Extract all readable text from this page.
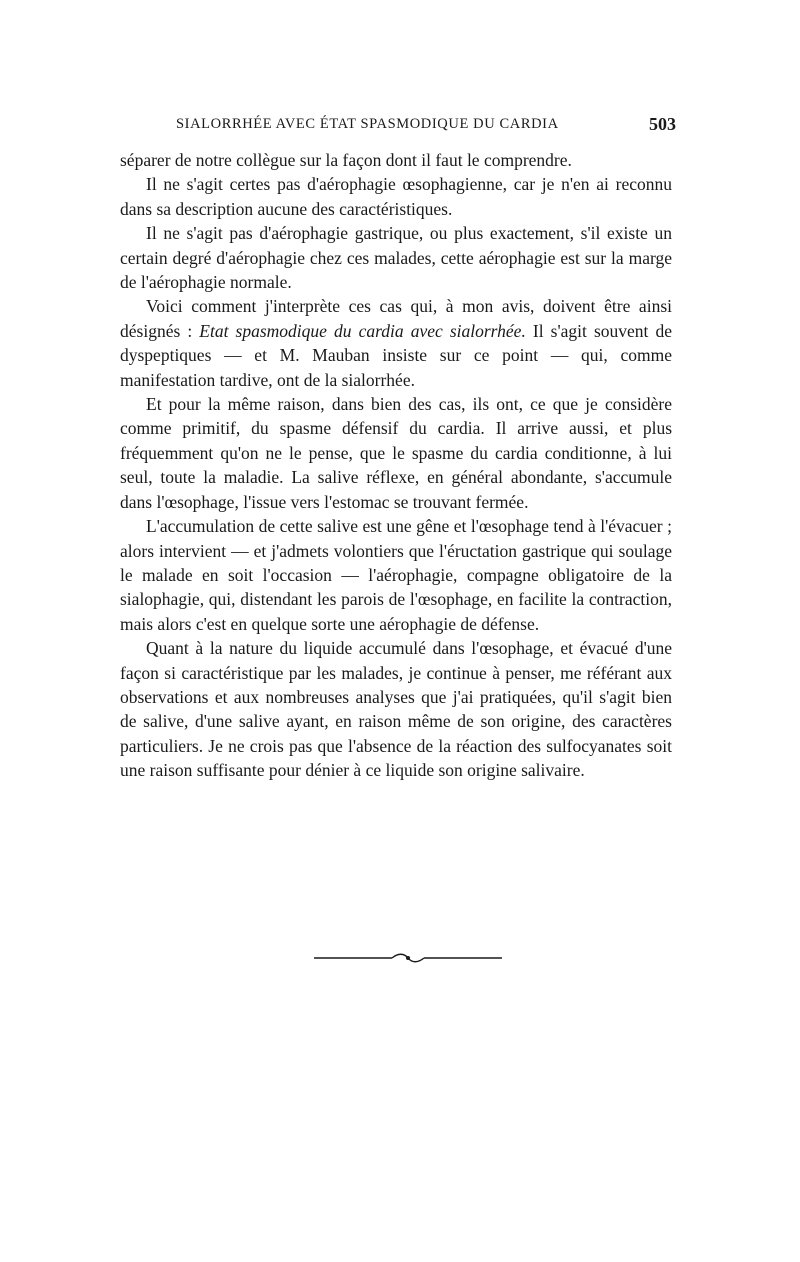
SIALORRHÉE AVEC ÉTAT SPASMODIQUE DU CARDIA	503

séparer de notre collègue sur la façon dont il faut le comprendre.

Il ne s'agit certes pas d'aérophagie œsophagienne, car je n'en ai reconnu dans sa description aucune des caractéristiques.

Il ne s'agit pas d'aérophagie gastrique, ou plus exactement, s'il existe un certain degré d'aérophagie chez ces malades, cette aérophagie est sur la marge de l'aérophagie normale.

Voici comment j'interprète ces cas qui, à mon avis, doivent être ainsi désignés : Etat spasmodique du cardia avec sialorrhée. Il s'agit souvent de dyspeptiques — et M. Mauban insiste sur ce point — qui, comme manifestation tardive, ont de la sialorrhée.

Et pour la même raison, dans bien des cas, ils ont, ce que je considère comme primitif, du spasme défensif du cardia. Il arrive aussi, et plus fréquemment qu'on ne le pense, que le spasme du cardia conditionne, à lui seul, toute la maladie. La salive réflexe, en général abondante, s'accumule dans l'œsophage, l'issue vers l'estomac se trouvant fermée.

L'accumulation de cette salive est une gêne et l'œsophage tend à l'évacuer ; alors intervient — et j'admets volontiers que l'éructation gastrique qui soulage le malade en soit l'occasion — l'aérophagie, compagne obligatoire de la sialophagie, qui, distendant les parois de l'œsophage, en facilite la contraction, mais alors c'est en quelque sorte une aérophagie de défense.

Quant à la nature du liquide accumulé dans l'œsophage, et évacué d'une façon si caractéristique par les malades, je continue à penser, me référant aux observations et aux nombreuses analyses que j'ai pratiquées, qu'il s'agit bien de salive, d'une salive ayant, en raison même de son origine, des caractères particuliers. Je ne crois pas que l'absence de la réaction des sulfocyanates soit une raison suffisante pour dénier à ce liquide son origine salivaire.
